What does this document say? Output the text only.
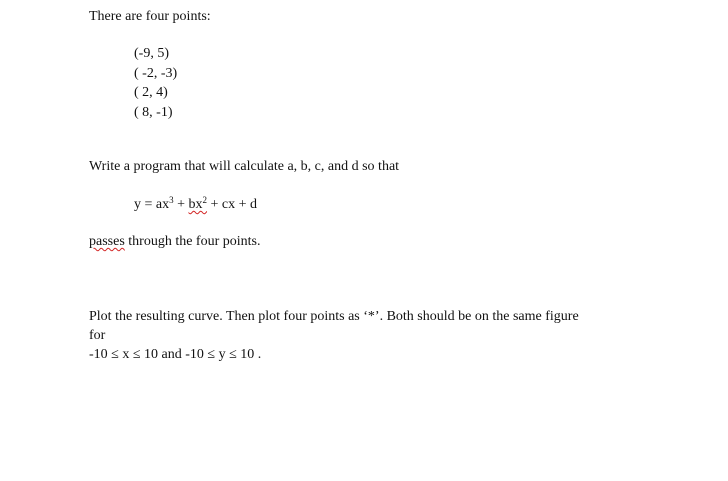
There are four points:
(-9, 5)
( -2, -3)
( 2, 4)
( 8, -1)
Write a program that will calculate a, b, c, and d so that
$y = ax^3 + bx^2$ + cx + d
passes through the four points.
Plot the resulting curve. Then plot four points as ‘*’. Both should be on the same figure
for
-10 ≤ x ≤ 10 and -10 ≤ y ≤ 10 .
